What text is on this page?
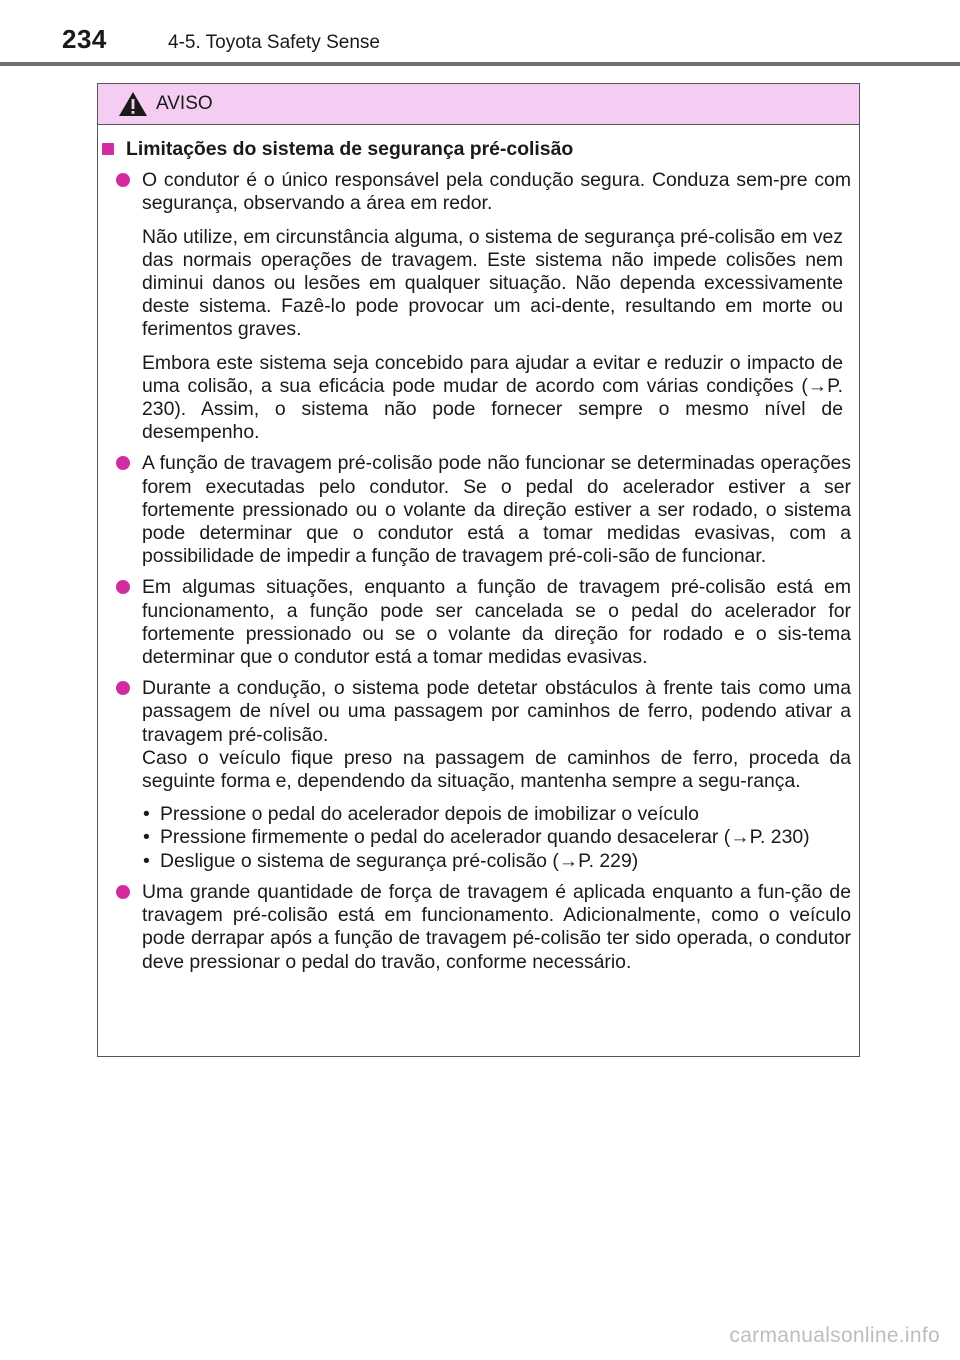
234	4-5. Toyota Safety Sense
AVISO
Limitações do sistema de segurança pré-colisão
O condutor é o único responsável pela condução segura. Conduza sem-pre com segurança, observando a área em redor.
Não utilize, em circunstância alguma, o sistema de segurança pré-colisão em vez das normais operações de travagem. Este sistema não impede colisões nem diminui danos ou lesões em qualquer situação. Não dependa excessivamente deste sistema. Fazê-lo pode provocar um aci-dente, resultando em morte ou ferimentos graves.
Embora este sistema seja concebido para ajudar a evitar e reduzir o impacto de uma colisão, a sua eficácia pode mudar de acordo com várias condições (→P. 230). Assim, o sistema não pode fornecer sempre o mesmo nível de desempenho.
A função de travagem pré-colisão pode não funcionar se determinadas operações forem executadas pelo condutor. Se o pedal do acelerador estiver a ser fortemente pressionado ou o volante da direção estiver a ser rodado, o sistema pode determinar que o condutor está a tomar medidas evasivas, com a possibilidade de impedir a função de travagem pré-coli-são de funcionar.
Em algumas situações, enquanto a função de travagem pré-colisão está em funcionamento, a função pode ser cancelada se o pedal do acelerador for fortemente pressionado ou se o volante da direção for rodado e o sis-tema determinar que o condutor está a tomar medidas evasivas.
Durante a condução, o sistema pode detetar obstáculos à frente tais como uma passagem de nível ou uma passagem por caminhos de ferro, podendo ativar a travagem pré-colisão.
Caso o veículo fique preso na passagem de caminhos de ferro, proceda da seguinte forma e, dependendo da situação, mantenha sempre a segu-rança.
• Pressione o pedal do acelerador depois de imobilizar o veículo
• Pressione firmemente o pedal do acelerador quando desacelerar (→P. 230)
• Desligue o sistema de segurança pré-colisão (→P. 229)
Uma grande quantidade de força de travagem é aplicada enquanto a fun-ção de travagem pré-colisão está em funcionamento. Adicionalmente, como o veículo pode derrapar após a função de travagem pé-colisão ter sido operada, o condutor deve pressionar o pedal do travão, conforme necessário.
carmanualsonline.info
